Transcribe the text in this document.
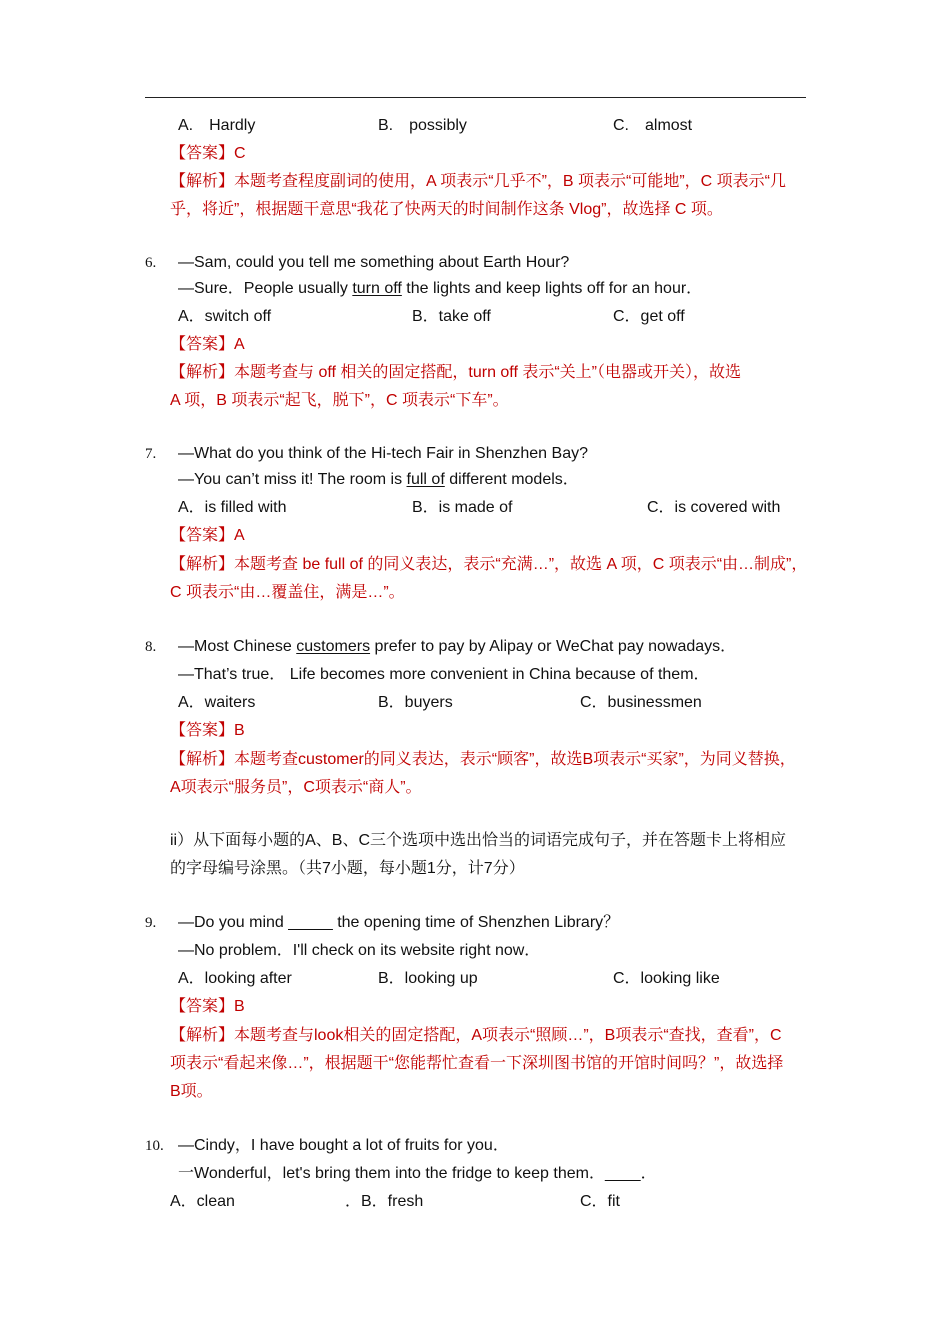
A.　Hardly	B.　possibly	C.　almost
【答案】C
【解析】本题考查程度副词的使用，A 项表示“几乎不”，B 项表示“可能地”，C 项表示“几
乎，将近”，根据题干意思“我花了快两天的时间制作这条 Vlog”，故选择 C 项。
6. —Sam, could you tell me something about Earth Hour?
—Sure．People usually turn off the lights and keep lights off for an hour．
A．switch off	B．take off	C．get off
【答案】A
【解析】本题考查与 off 相关的固定搭配，turn off 表示“关上”（电器或开关），故选
A 项，B 项表示“起飞，脱下”，C 项表示“下车”。
7. —What do you think of the Hi-tech Fair in Shenzhen Bay?
—You can’t miss it! The room is full of different models．
A．is filled with	B．is made of	C．is covered with
【答案】A
【解析】本题考查 be full of 的同义表达，表示“充满…”，故选 A 项，C 项表示“由…制成”，
C 项表示“由…覆盖住，满是…”。
8. —Most Chinese customers prefer to pay by Alipay or WeChat pay nowadays．
—That’s true． Life becomes more convenient in China because of them．
A．waiters	B．buyers	C．businessmen
【答案】B
【解析】本题考查customer的同义表达，表示“顾客”，故选B项表示“买家”，为同义替换，
A项表示“服务员”，C项表示“商人”。
ii）从下面每小题的A、B、C三个选项中选出恰当的词语完成句子，并在答题卡上将相应
的字母编号涂黑。（共7小题，每小题1分，计7分）
9. —Do you mind _____ the opening time of Shenzhen Library？
—No problem．I'll check on its website right now．
A．looking after	B．looking up	C．looking like
【答案】B
【解析】本题考查与look相关的固定搭配，A项表示“照顾…”，B项表示“查找，查看”，C
项表示“看起来像…”，根据题干“您能帮忙查看一下深圳图书馆的开馆时间吗？”，故选择
B项。
10. —Cindy，I have bought a lot of fruits for you．
一Wonderful，let's bring them into the fridge to keep them．____．
A．clean	．B．fresh	C．fit
